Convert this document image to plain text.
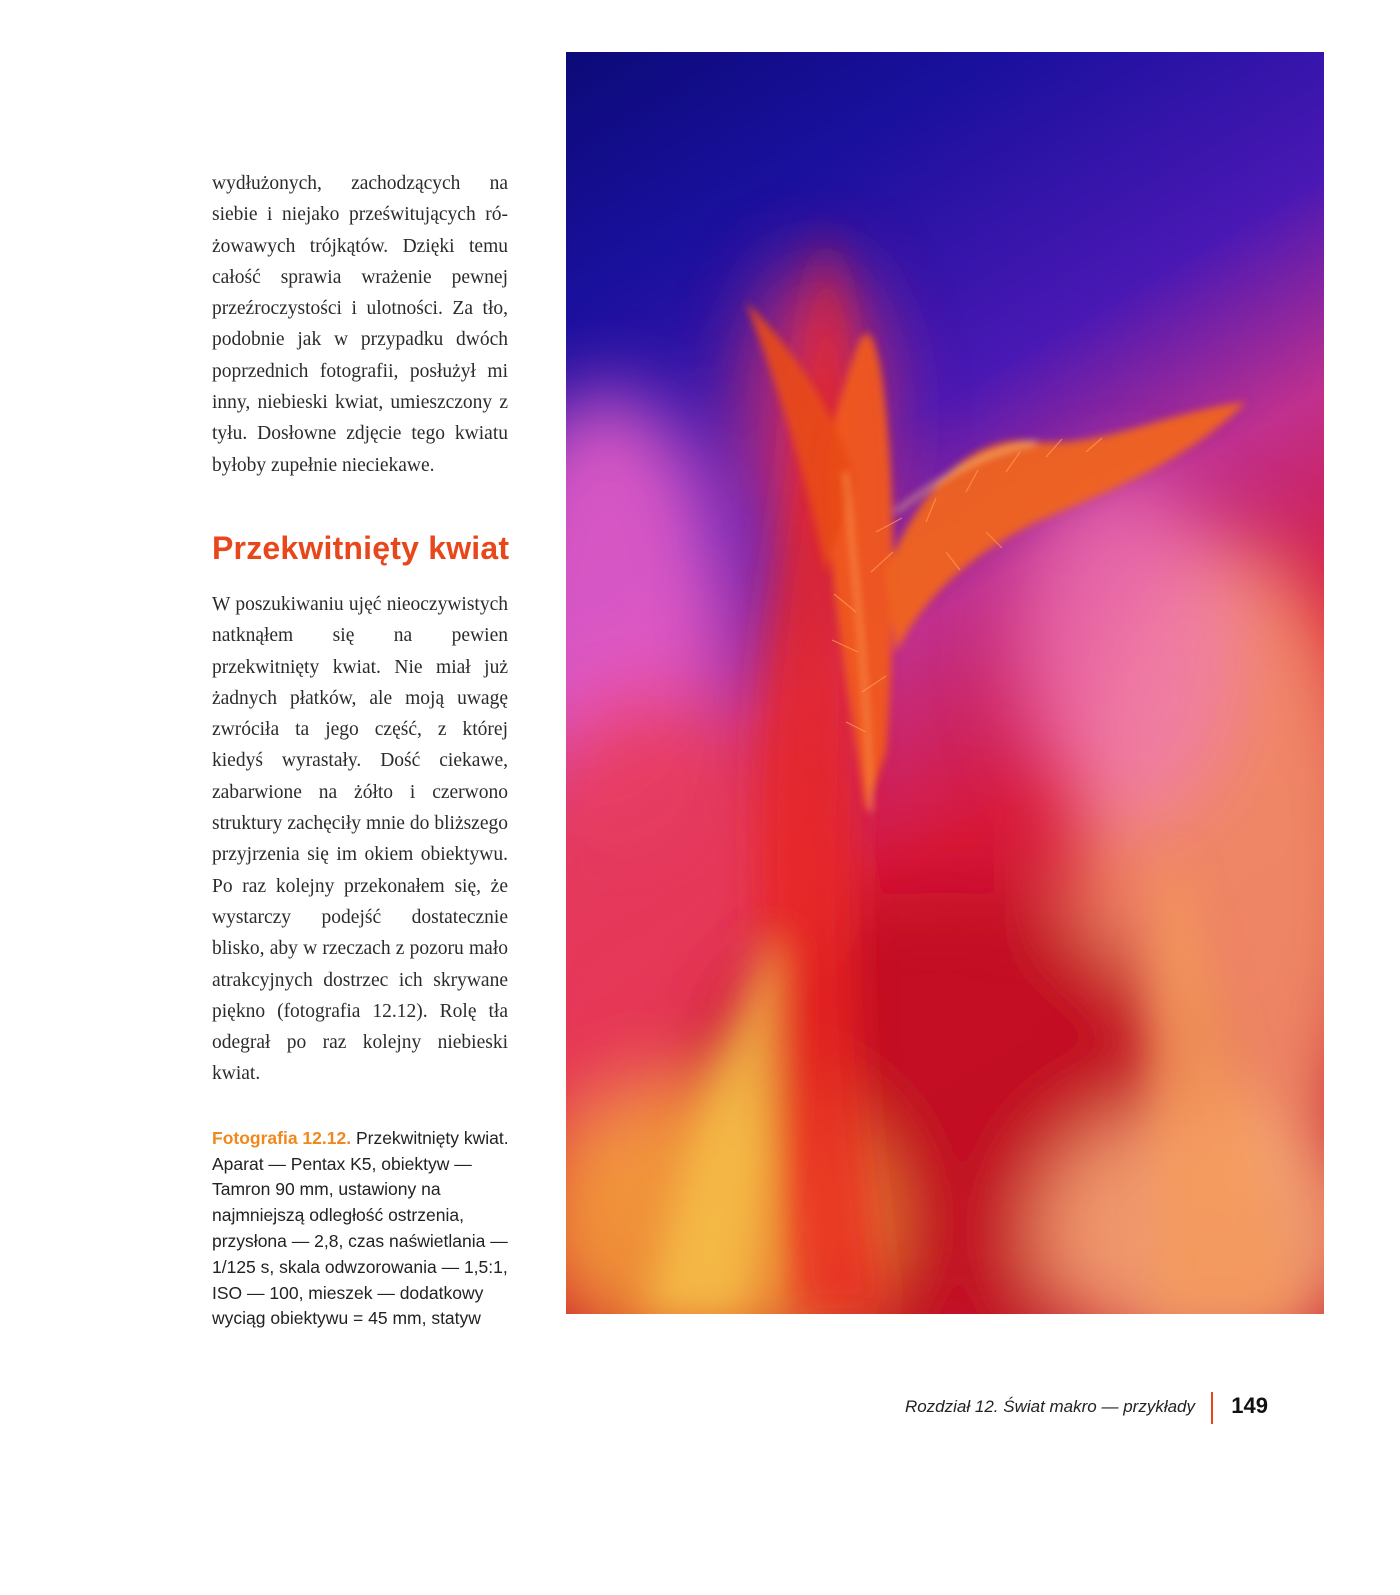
wydłużonych, zachodzących na siebie i niejako prześwitujących różowawych trójkątów. Dzięki temu całość sprawia wrażenie pewnej przeźroczystości i ulotności. Za tło, podobnie jak w przypadku dwóch poprzednich fotografii, posłużył mi inny, niebieski kwiat, umieszczony z tyłu. Dosłowne zdjęcie tego kwiatu byłoby zupełnie nieciekawe.

Przekwitnięty kwiat

W poszukiwaniu ujęć nieoczywistych natknąłem się na pewien przekwitnięty kwiat. Nie miał już żadnych płatków, ale moją uwagę zwróciła ta jego część, z której kiedyś wyrastały. Dość ciekawe, zabarwione na żółto i czerwono struktury zachęciły mnie do bliższego przyjrzenia się im okiem obiektywu. Po raz kolejny przekonałem się, że wystarczy podejść dostatecznie blisko, aby w rzeczach z pozoru mało atrakcyjnych dostrzec ich skrywane piękno (fotografia 12.12). Rolę tła odegrał po raz kolejny niebieski kwiat.

Fotografia 12.12. Przekwitnięty kwiat. Aparat — Pentax K5, obiektyw — Tamron 90 mm, ustawiony na najmniejszą odległość ostrzenia, przysłona — 2,8, czas naświetlania — 1/125 s, skala odwzorowania — 1,5:1, ISO — 100, mieszek — dodatkowy wyciąg obiektywu = 45 mm, statyw

Rozdział 12. Świat makro — przykłady 149
